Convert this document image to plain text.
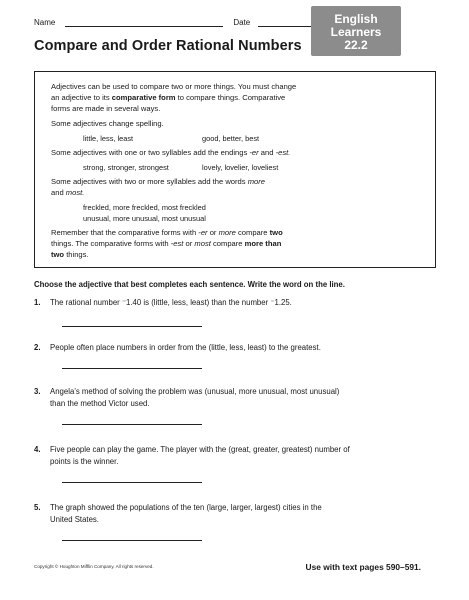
Name	Date	English
Learners
22.2
Compare and Order Rational Numbers
Adjectives can be used to compare two or more things. You must change
an adjective to its comparative form to compare things. Comparative
forms are made in several ways.
Some adjectives change spelling.
little, less, least	good, better, best
Some adjectives with one or two syllables add the endings -er and -est.
strong, stronger, strongest	lovely, lovelier, loveliest
Some adjectives with two or more syllables add the words more
and most.
freckled, more freckled, most freckled
unusual, more unusual, most unusual
Remember that the comparative forms with -er or more compare two
things. The comparative forms with -est or most compare more than
two things.
Choose the adjective that best completes each sentence. Write the word on the line.
1. The rational number ⁻1.40 is (little, less, least) than the number ⁻1.25.
2. People often place numbers in order from the (little, less, least) to the greatest.
3. Angela’s method of solving the problem was (unusual, more unusual, most unusual)
than the method Victor used.
4. Five people can play the game. The player with the (great, greater, greatest) number of
points is the winner.
5. The graph showed the populations of the ten (large, larger, largest) cities in the
United States.
Copyright © Houghton Mifflin Company. All rights reserved.	Use with text pages 590–591.
